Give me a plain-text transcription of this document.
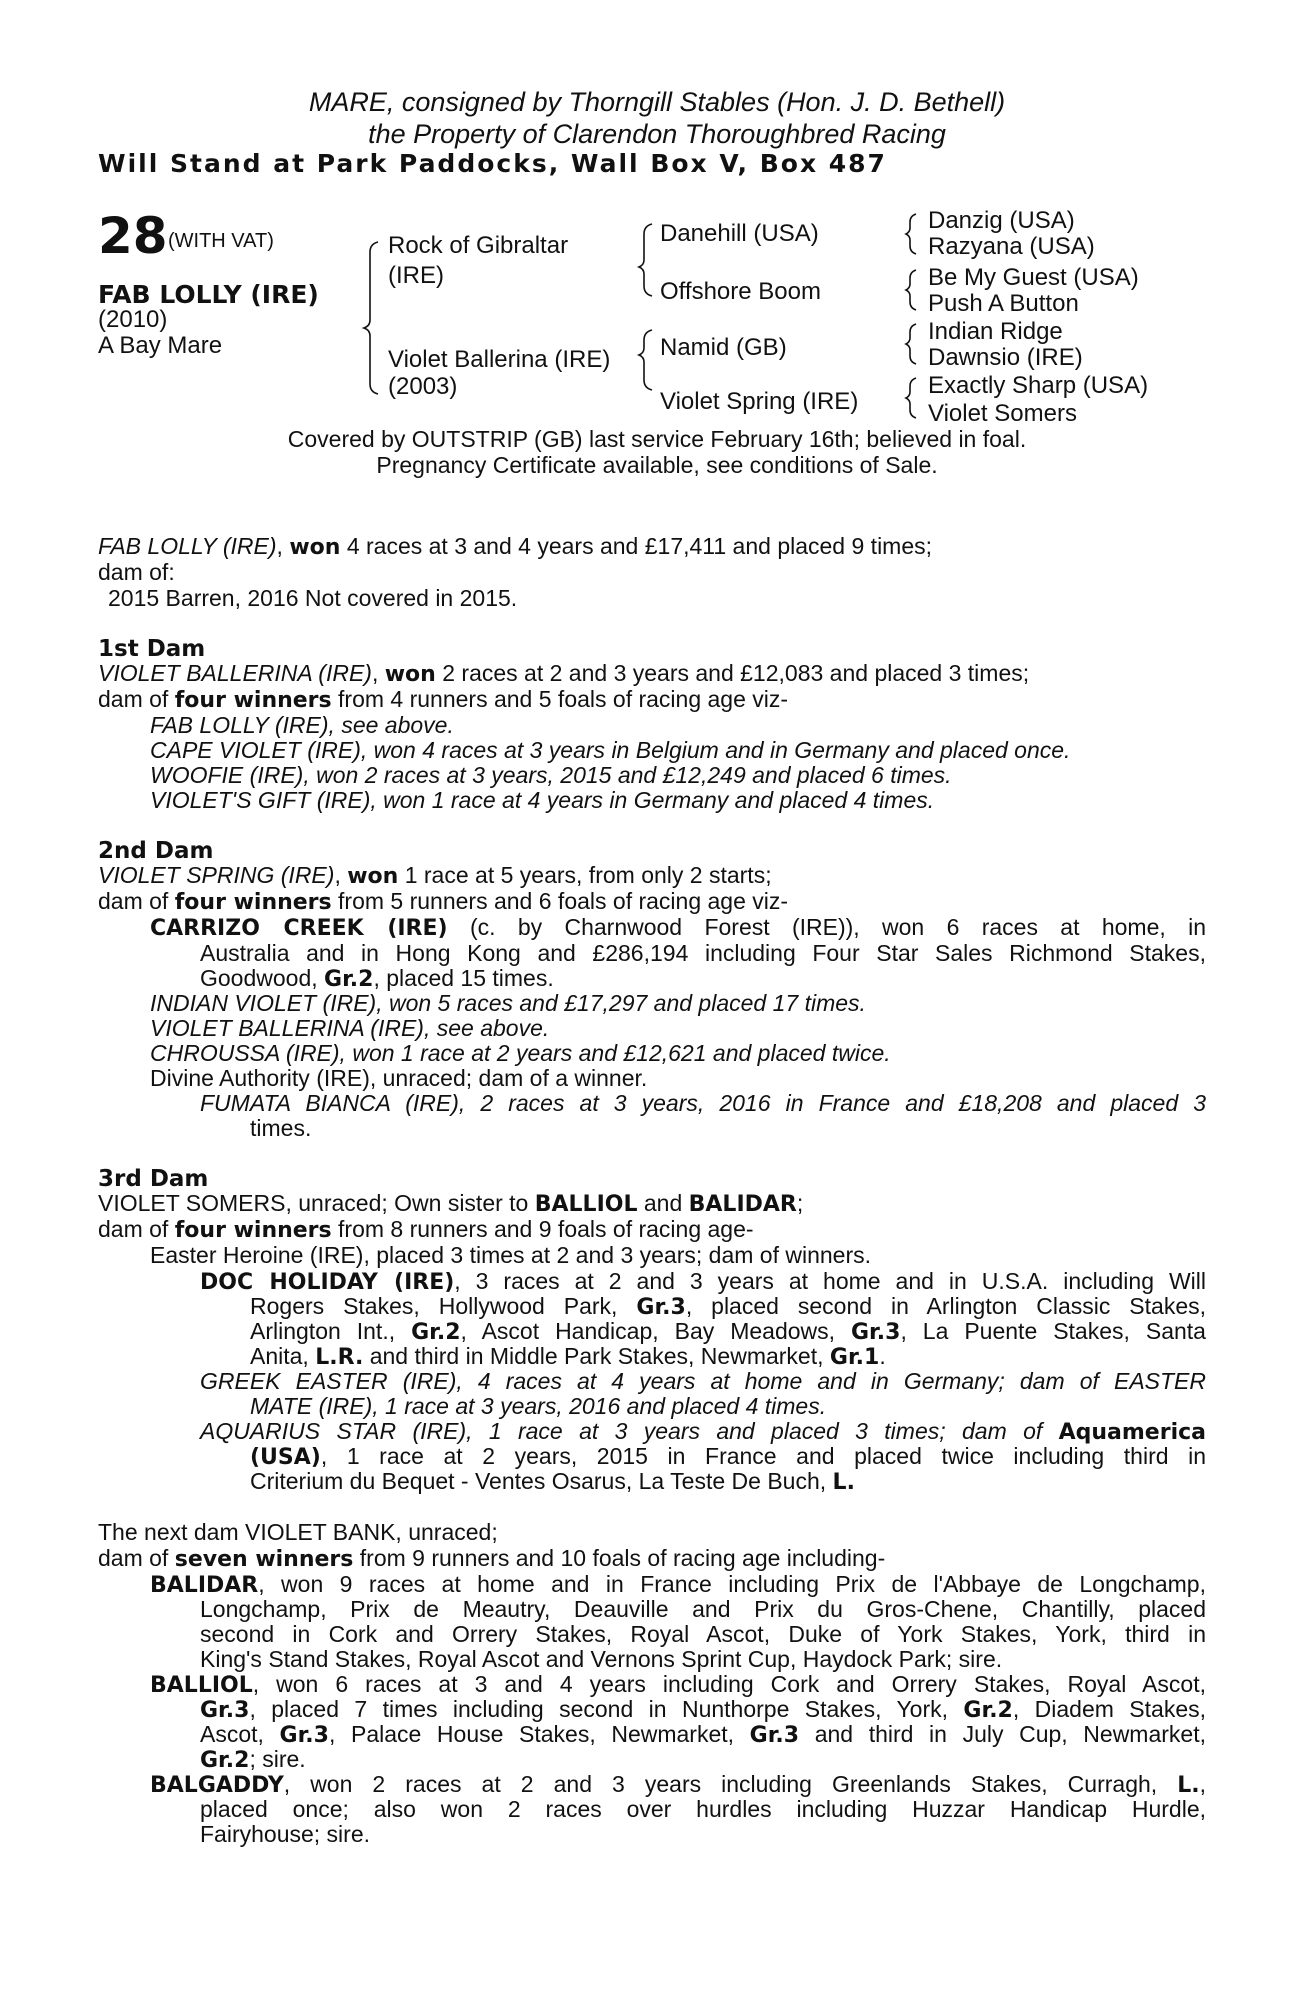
MARE, consigned by Thorngill Stables (Hon. J. D. Bethell)
the Property of Clarendon Thoroughbred Racing
Will Stand at Park Paddocks, Wall Box V, Box 487
28 (WITH VAT)
FAB LOLLY (IRE)
(2010)
A Bay Mare
Rock of Gibraltar
(IRE)
Violet Ballerina (IRE)
(2003)
Danehill (USA)
Offshore Boom
Namid (GB)
Violet Spring (IRE)
Danzig (USA)
Razyana (USA)
Be My Guest (USA)
Push A Button
Indian Ridge
Dawnsio (IRE)
Exactly Sharp (USA)
Violet Somers
Covered by OUTSTRIP (GB) last service February 16th; believed in foal.
Pregnancy Certificate available, see conditions of Sale.
FAB LOLLY (IRE), won 4 races at 3 and 4 years and £17,411 and placed 9 times;
dam of:
2015 Barren, 2016 Not covered in 2015.
1st Dam
VIOLET BALLERINA (IRE), won 2 races at 2 and 3 years and £12,083 and placed 3 times;
dam of four winners from 4 runners and 5 foals of racing age viz-
FAB LOLLY (IRE), see above.
CAPE VIOLET (IRE), won 4 races at 3 years in Belgium and in Germany and placed once.
WOOFIE (IRE), won 2 races at 3 years, 2015 and £12,249 and placed 6 times.
VIOLET'S GIFT (IRE), won 1 race at 4 years in Germany and placed 4 times.
2nd Dam
VIOLET SPRING (IRE), won 1 race at 5 years, from only 2 starts;
dam of four winners from 5 runners and 6 foals of racing age viz-
CARRIZO CREEK (IRE) (c. by Charnwood Forest (IRE)), won 6 races at home, in
Australia and in Hong Kong and £286,194 including Four Star Sales Richmond Stakes,
Goodwood, Gr.2, placed 15 times.
INDIAN VIOLET (IRE), won 5 races and £17,297 and placed 17 times.
VIOLET BALLERINA (IRE), see above.
CHROUSSA (IRE), won 1 race at 2 years and £12,621 and placed twice.
Divine Authority (IRE), unraced; dam of a winner.
FUMATA BIANCA (IRE), 2 races at 3 years, 2016 in France and £18,208 and placed 3
times.
3rd Dam
VIOLET SOMERS, unraced; Own sister to BALLIOL and BALIDAR;
dam of four winners from 8 runners and 9 foals of racing age-
Easter Heroine (IRE), placed 3 times at 2 and 3 years; dam of winners.
DOC HOLIDAY (IRE), 3 races at 2 and 3 years at home and in U.S.A. including Will
Rogers Stakes, Hollywood Park, Gr.3, placed second in Arlington Classic Stakes,
Arlington Int., Gr.2, Ascot Handicap, Bay Meadows, Gr.3, La Puente Stakes, Santa
Anita, L.R. and third in Middle Park Stakes, Newmarket, Gr.1.
GREEK EASTER (IRE), 4 races at 4 years at home and in Germany; dam of EASTER
MATE (IRE), 1 race at 3 years, 2016 and placed 4 times.
AQUARIUS STAR (IRE), 1 race at 3 years and placed 3 times; dam of Aquamerica
(USA), 1 race at 2 years, 2015 in France and placed twice including third in
Criterium du Bequet - Ventes Osarus, La Teste De Buch, L.
The next dam VIOLET BANK, unraced;
dam of seven winners from 9 runners and 10 foals of racing age including-
BALIDAR, won 9 races at home and in France including Prix de l'Abbaye de Longchamp,
Longchamp, Prix de Meautry, Deauville and Prix du Gros-Chene, Chantilly, placed
second in Cork and Orrery Stakes, Royal Ascot, Duke of York Stakes, York, third in
King's Stand Stakes, Royal Ascot and Vernons Sprint Cup, Haydock Park; sire.
BALLIOL, won 6 races at 3 and 4 years including Cork and Orrery Stakes, Royal Ascot,
Gr.3, placed 7 times including second in Nunthorpe Stakes, York, Gr.2, Diadem Stakes,
Ascot, Gr.3, Palace House Stakes, Newmarket, Gr.3 and third in July Cup, Newmarket,
Gr.2; sire.
BALGADDY, won 2 races at 2 and 3 years including Greenlands Stakes, Curragh, L.,
placed once; also won 2 races over hurdles including Huzzar Handicap Hurdle,
Fairyhouse; sire.
